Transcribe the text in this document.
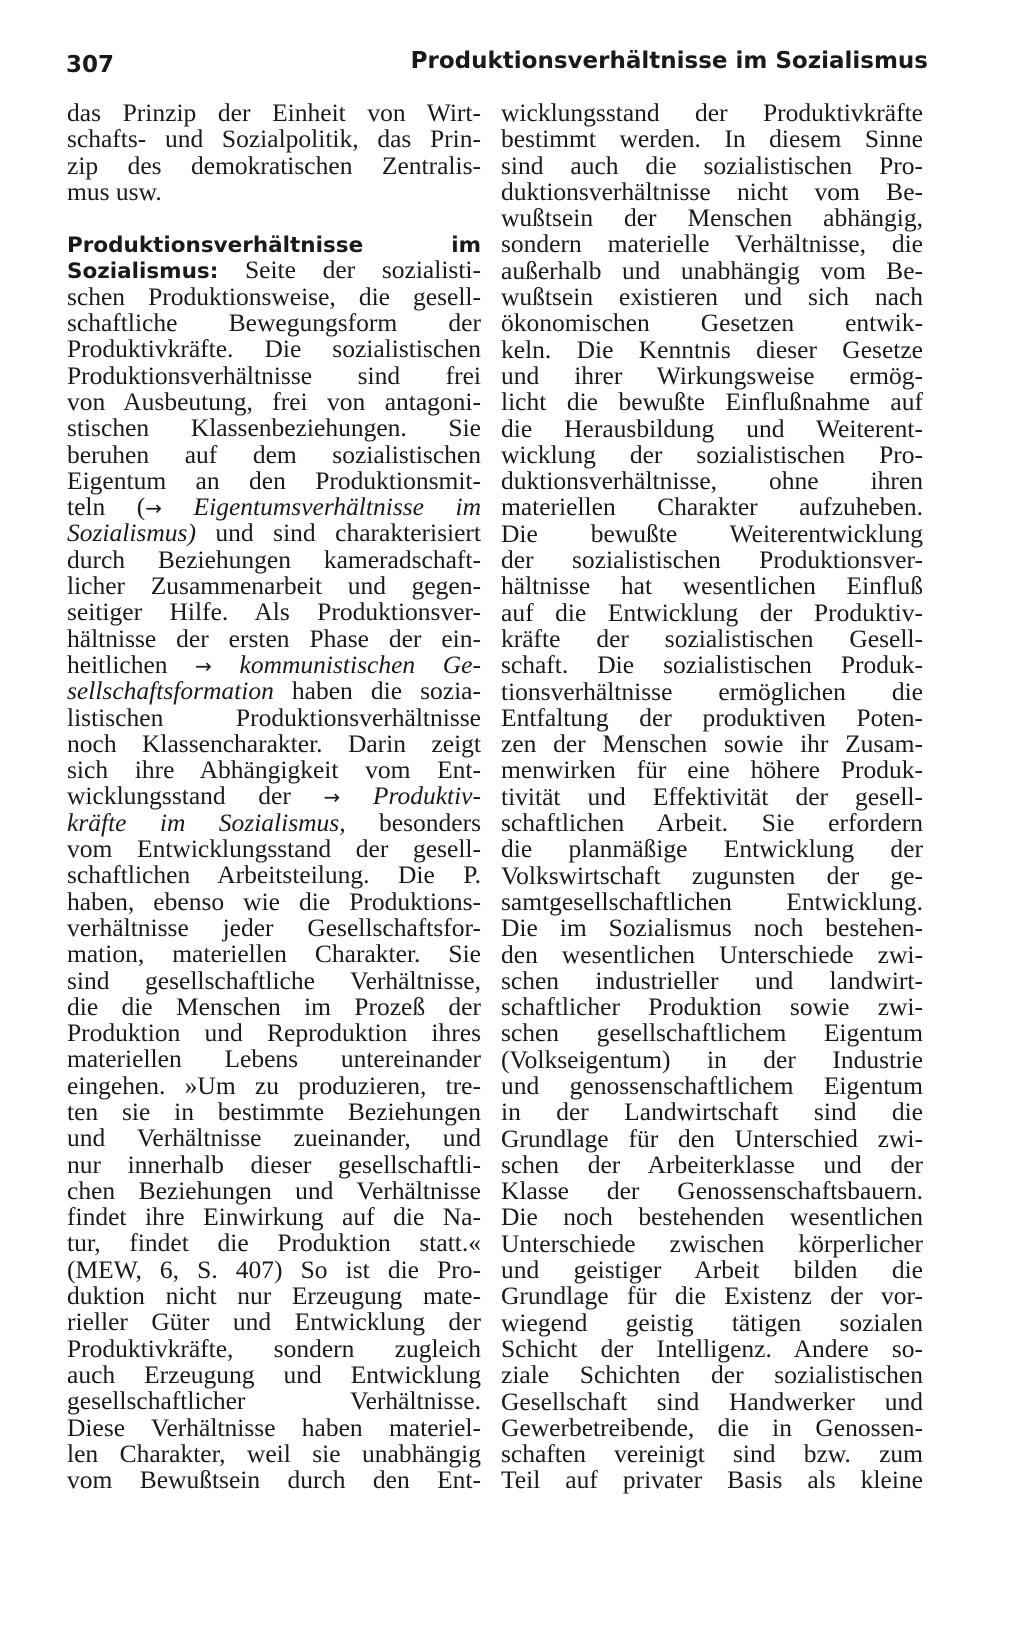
307	Produktionsverhältnisse im Sozialismus
das Prinzip der Einheit von Wirt-
schafts- und Sozialpolitik, das Prin-
zip des demokratischen Zentralis-
mus usw.
Produktionsverhältnisse im
Sozialismus: Seite der sozialisti-
schen Produktionsweise, die gesell-
schaftliche Bewegungsform der
Produktivkräfte. Die sozialistischen
Produktionsverhältnisse sind frei
von Ausbeutung, frei von antagoni-
stischen Klassenbeziehungen. Sie
beruhen auf dem sozialistischen
Eigentum an den Produktionsmit-
teln (→ Eigentumsverhältnisse im
Sozialismus) und sind charakterisiert
durch Beziehungen kameradschaft-
licher Zusammenarbeit und gegen-
seitiger Hilfe. Als Produktionsver-
hältnisse der ersten Phase der ein-
heitlichen → kommunistischen Ge-
sellschaftsformation haben die sozia-
listischen Produktionsverhältnisse
noch Klassencharakter. Darin zeigt
sich ihre Abhängigkeit vom Ent-
wicklungsstand der → Produktiv-
kräfte im Sozialismus, besonders
vom Entwicklungsstand der gesell-
schaftlichen Arbeitsteilung. Die P.
haben, ebenso wie die Produktions-
verhältnisse jeder Gesellschaftsfor-
mation, materiellen Charakter. Sie
sind gesellschaftliche Verhältnisse,
die die Menschen im Prozeß der
Produktion und Reproduktion ihres
materiellen Lebens untereinander
eingehen. »Um zu produzieren, tre-
ten sie in bestimmte Beziehungen
und Verhältnisse zueinander, und
nur innerhalb dieser gesellschaftli-
chen Beziehungen und Verhältnisse
findet ihre Einwirkung auf die Na-
tur, findet die Produktion statt.«
(MEW, 6, S. 407) So ist die Pro-
duktion nicht nur Erzeugung mate-
rieller Güter und Entwicklung der
Produktivkräfte, sondern zugleich
auch Erzeugung und Entwicklung
gesellschaftlicher Verhältnisse.
Diese Verhältnisse haben materiel-
len Charakter, weil sie unabhängig
vom Bewußtsein durch den Ent-
wicklungsstand der Produktivkräfte
bestimmt werden. In diesem Sinne
sind auch die sozialistischen Pro-
duktionsverhältnisse nicht vom Be-
wußtsein der Menschen abhängig,
sondern materielle Verhältnisse, die
außerhalb und unabhängig vom Be-
wußtsein existieren und sich nach
ökonomischen Gesetzen entwik-
keln. Die Kenntnis dieser Gesetze
und ihrer Wirkungsweise ermög-
licht die bewußte Einflußnahme auf
die Herausbildung und Weiterent-
wicklung der sozialistischen Pro-
duktionsverhältnisse, ohne ihren
materiellen Charakter aufzuheben.
Die bewußte Weiterentwicklung
der sozialistischen Produktionsver-
hältnisse hat wesentlichen Einfluß
auf die Entwicklung der Produktiv-
kräfte der sozialistischen Gesell-
schaft. Die sozialistischen Produk-
tionsverhältnisse ermöglichen die
Entfaltung der produktiven Poten-
zen der Menschen sowie ihr Zusam-
menwirken für eine höhere Produk-
tivität und Effektivität der gesell-
schaftlichen Arbeit. Sie erfordern
die planmäßige Entwicklung der
Volkswirtschaft zugunsten der ge-
samtgesellschaftlichen Entwicklung.
Die im Sozialismus noch bestehen-
den wesentlichen Unterschiede zwi-
schen industrieller und landwirt-
schaftlicher Produktion sowie zwi-
schen gesellschaftlichem Eigentum
(Volkseigentum) in der Industrie
und genossenschaftlichem Eigentum
in der Landwirtschaft sind die
Grundlage für den Unterschied zwi-
schen der Arbeiterklasse und der
Klasse der Genossenschaftsbauern.
Die noch bestehenden wesentlichen
Unterschiede zwischen körperlicher
und geistiger Arbeit bilden die
Grundlage für die Existenz der vor-
wiegend geistig tätigen sozialen
Schicht der Intelligenz. Andere so-
ziale Schichten der sozialistischen
Gesellschaft sind Handwerker und
Gewerbetreibende, die in Genossen-
schaften vereinigt sind bzw. zum
Teil auf privater Basis als kleine
